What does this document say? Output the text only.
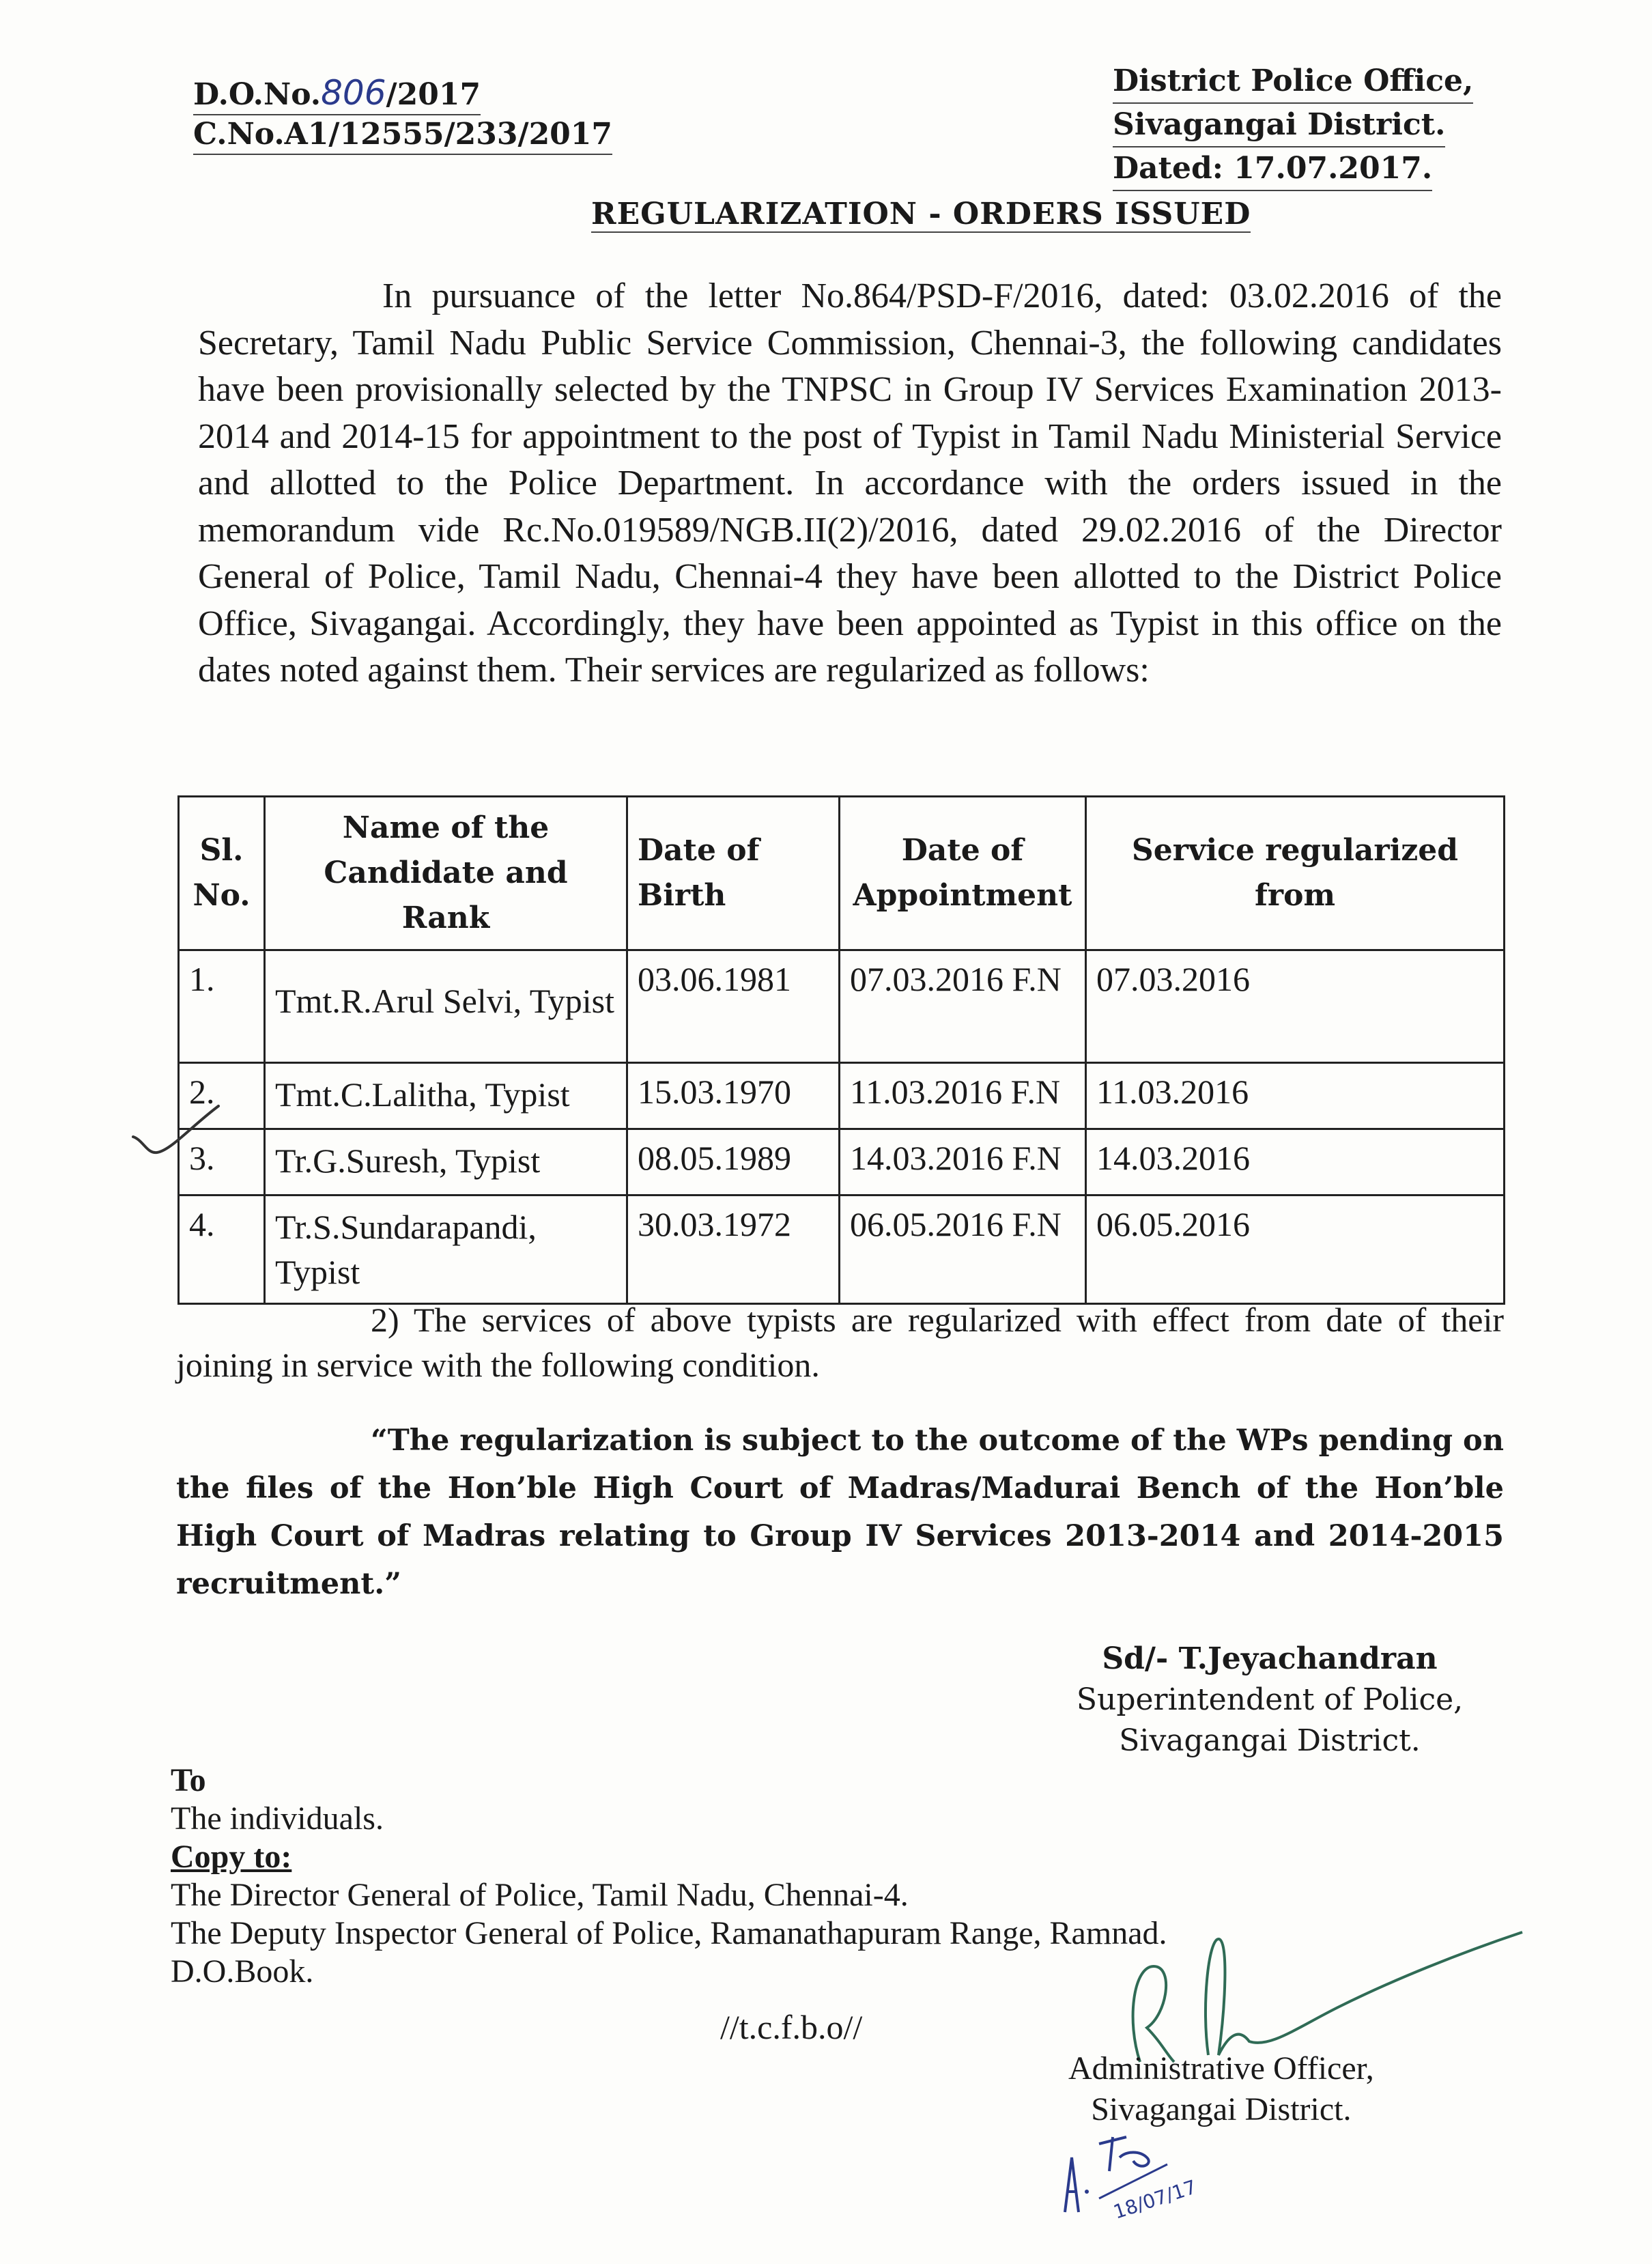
D.O.No.806/2017
C.No.A1/12555/233/2017
District Police Office,
Sivagangai District.
Dated: 17.07.2017.
REGULARIZATION - ORDERS ISSUED
In pursuance of the letter No.864/PSD-F/2016, dated: 03.02.2016 of the Secretary, Tamil Nadu Public Service Commission, Chennai-3, the following candidates have been provisionally selected by the TNPSC in Group IV Services Examination 2013-2014 and 2014-15 for appointment to the post of Typist in Tamil Nadu Ministerial Service and allotted to the Police Department. In accordance with the orders issued in the memorandum vide Rc.No.019589/NGB.II(2)/2016, dated 29.02.2016 of the Director General of Police, Tamil Nadu, Chennai-4 they have been allotted to the District Police Office, Sivagangai. Accordingly, they have been appointed as Typist in this office on the dates noted against them. Their services are regularized as follows:
Sl. No.	Name of the Candidate and Rank	Date of Birth	Date of Appointment	Service regularized from
1.	Tmt.R.Arul Selvi, Typist	03.06.1981	07.03.2016 F.N	07.03.2016
2.	Tmt.C.Lalitha, Typist	15.03.1970	11.03.2016 F.N	11.03.2016
3.	Tr.G.Suresh, Typist	08.05.1989	14.03.2016 F.N	14.03.2016
4.	Tr.S.Sundarapandi, Typist	30.03.1972	06.05.2016 F.N	06.05.2016
2) The services of above typists are regularized with effect from date of their joining in service with the following condition.
“The regularization is subject to the outcome of the WPs pending on the files of the Hon’ble High Court of Madras/Madurai Bench of the Hon’ble High Court of Madras relating to Group IV Services 2013-2014 and 2014-2015 recruitment.”
Sd/- T.Jeyachandran
Superintendent of Police,
Sivagangai District.
To
The individuals.
Copy to:
The Director General of Police, Tamil Nadu, Chennai-4.
The Deputy Inspector General of Police, Ramanathapuram Range, Ramnad.
D.O.Book.
//t.c.f.b.o//
Administrative Officer,
Sivagangai District.
18/07/17
